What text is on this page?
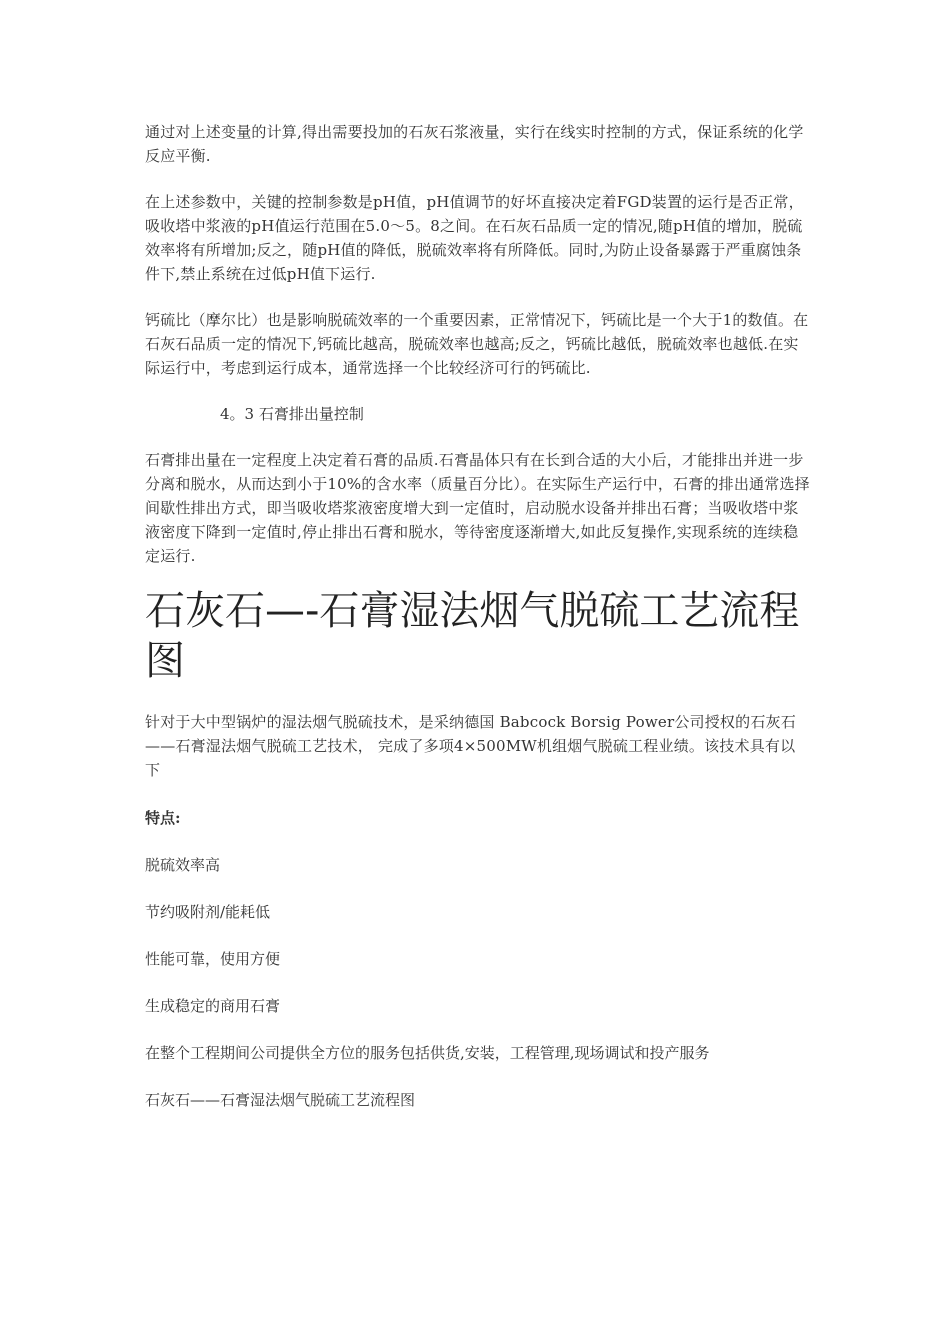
通过对上述变量的计算,得出需要投加的石灰石浆液量，实行在线实时控制的方式，保证系统的化学反应平衡.

在上述参数中，关键的控制参数是pH值，pH值调节的好坏直接决定着FGD装置的运行是否正常，吸收塔中浆液的pH值运行范围在5.0～5。8之间。在石灰石品质一定的情况,随pH值的增加，脱硫效率将有所增加;反之，随pH值的降低，脱硫效率将有所降低。同时,为防止设备暴露于严重腐蚀条件下,禁止系统在过低pH值下运行.

钙硫比（摩尔比）也是影响脱硫效率的一个重要因素，正常情况下，钙硫比是一个大于1的数值。在石灰石品质一定的情况下,钙硫比越高，脱硫效率也越高;反之，钙硫比越低，脱硫效率也越低.在实际运行中，考虑到运行成本，通常选择一个比较经济可行的钙硫比.

4。3 石膏排出量控制

石膏排出量在一定程度上决定着石膏的品质.石膏晶体只有在长到合适的大小后，才能排出并进一步分离和脱水，从而达到小于10%的含水率（质量百分比）。在实际生产运行中，石膏的排出通常选择间歇性排出方式，即当吸收塔浆液密度增大到一定值时，启动脱水设备并排出石膏；当吸收塔中浆液密度下降到一定值时,停止排出石膏和脱水，等待密度逐渐增大,如此反复操作,实现系统的连续稳定运行.

石灰石—-石膏湿法烟气脱硫工艺流程图

针对于大中型锅炉的湿法烟气脱硫技术，是采纳德国 Babcock Borsig Power公司授权的石灰石——石膏湿法烟气脱硫工艺技术， 完成了多项4×500MW机组烟气脱硫工程业绩。该技术具有以下

特点:

脱硫效率高

节约吸附剂/能耗低

性能可靠，使用方便

生成稳定的商用石膏

在整个工程期间公司提供全方位的服务包括供货,安装，工程管理,现场调试和投产服务

石灰石——石膏湿法烟气脱硫工艺流程图
